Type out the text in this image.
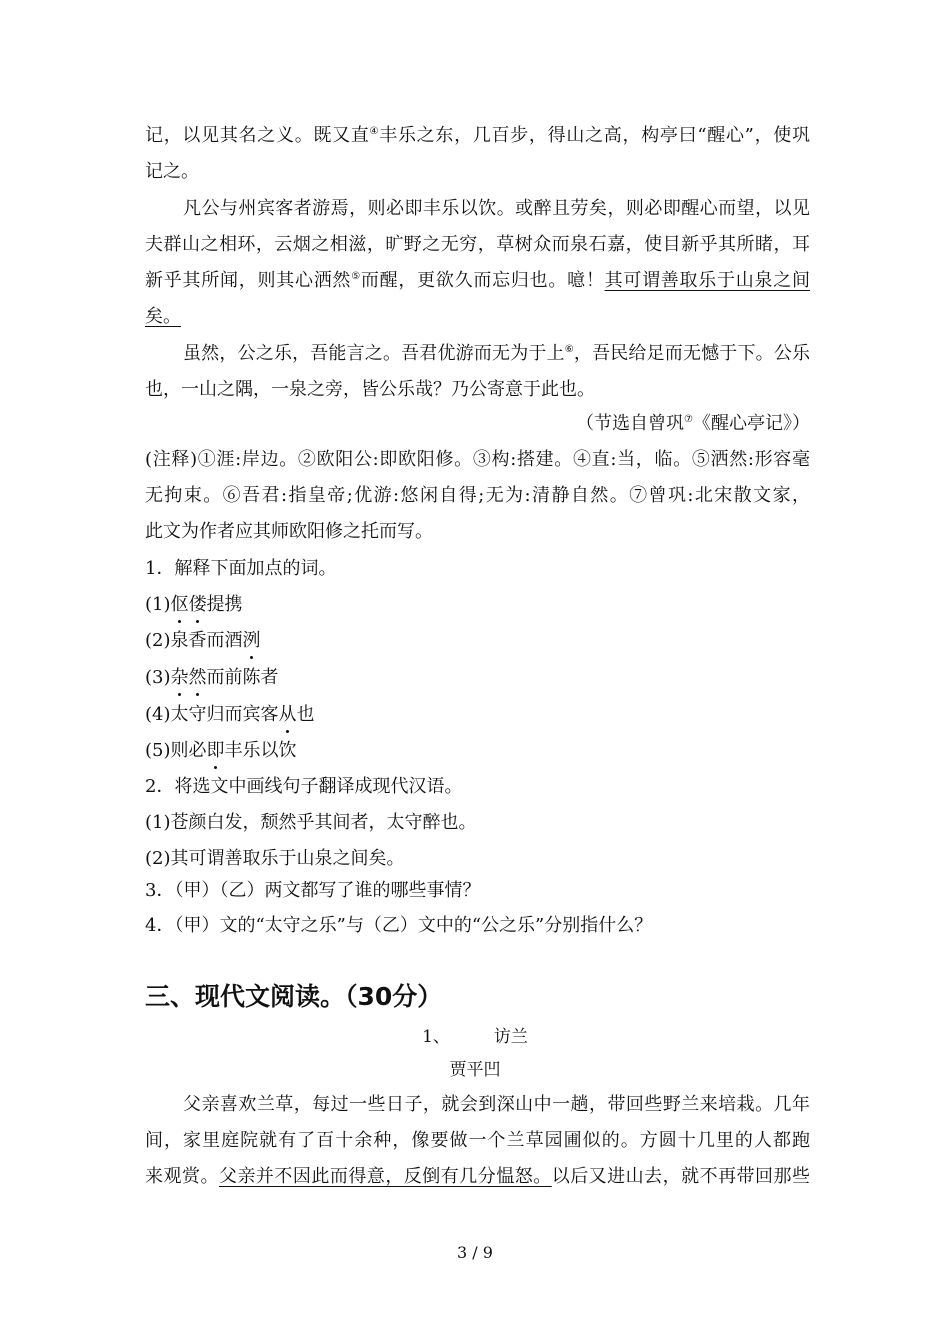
记，以见其名之义。既又直④丰乐之东，几百步，得山之高，构亭曰“醒心”，使巩
记之。
凡公与州宾客者游焉，则必即丰乐以饮。或醉且劳矣，则必即醒心而望，以见
夫群山之相环，云烟之相滋，旷野之无穷，草树众而泉石嘉，使目新乎其所睹，耳
新乎其所闻，则其心洒然⑤而醒，更欲久而忘归也。噫！其可谓善取乐于山泉之间
矣。
虽然，公之乐，吾能言之。吾君优游而无为于上⑥，吾民给足而无憾于下。公乐
也，一山之隅，一泉之旁，皆公乐哉？乃公寄意于此也。
（节选自曾巩⑦《醒心亭记》）
(注释)①涯:岸边。②欧阳公:即欧阳修。③构:搭建。④直:当，临。⑤洒然:形容毫
无拘束。⑥吾君:指皇帝;优游:悠闲自得;无为:清静自然。⑦曾巩:北宋散文家，
此文为作者应其师欧阳修之托而写。
1．解释下面加点的词。
(1)伛偻提携
(2)泉香而酒洌
(3)杂然而前陈者
(4)太守归而宾客从也
(5)则必即丰乐以饮
2．将选文中画线句子翻译成现代汉语。
(1)苍颜白发，颓然乎其间者，太守醉也。
(2)其可谓善取乐于山泉之间矣。
3．（甲）（乙）两文都写了谁的哪些事情？
4．（甲）文的“太守之乐”与（乙）文中的“公之乐”分别指什么？
三、现代文阅读。（30分）
1、	访兰
贾平凹
父亲喜欢兰草，每过一些日子，就会到深山中一趟，带回些野兰来培栽。几年
间，家里庭院就有了百十余种，像要做一个兰草园圃似的。方圆十几里的人都跑
来观赏。父亲并不因此而得意，反倒有几分愠怒。以后又进山去，就不再带回那些
3 / 9
